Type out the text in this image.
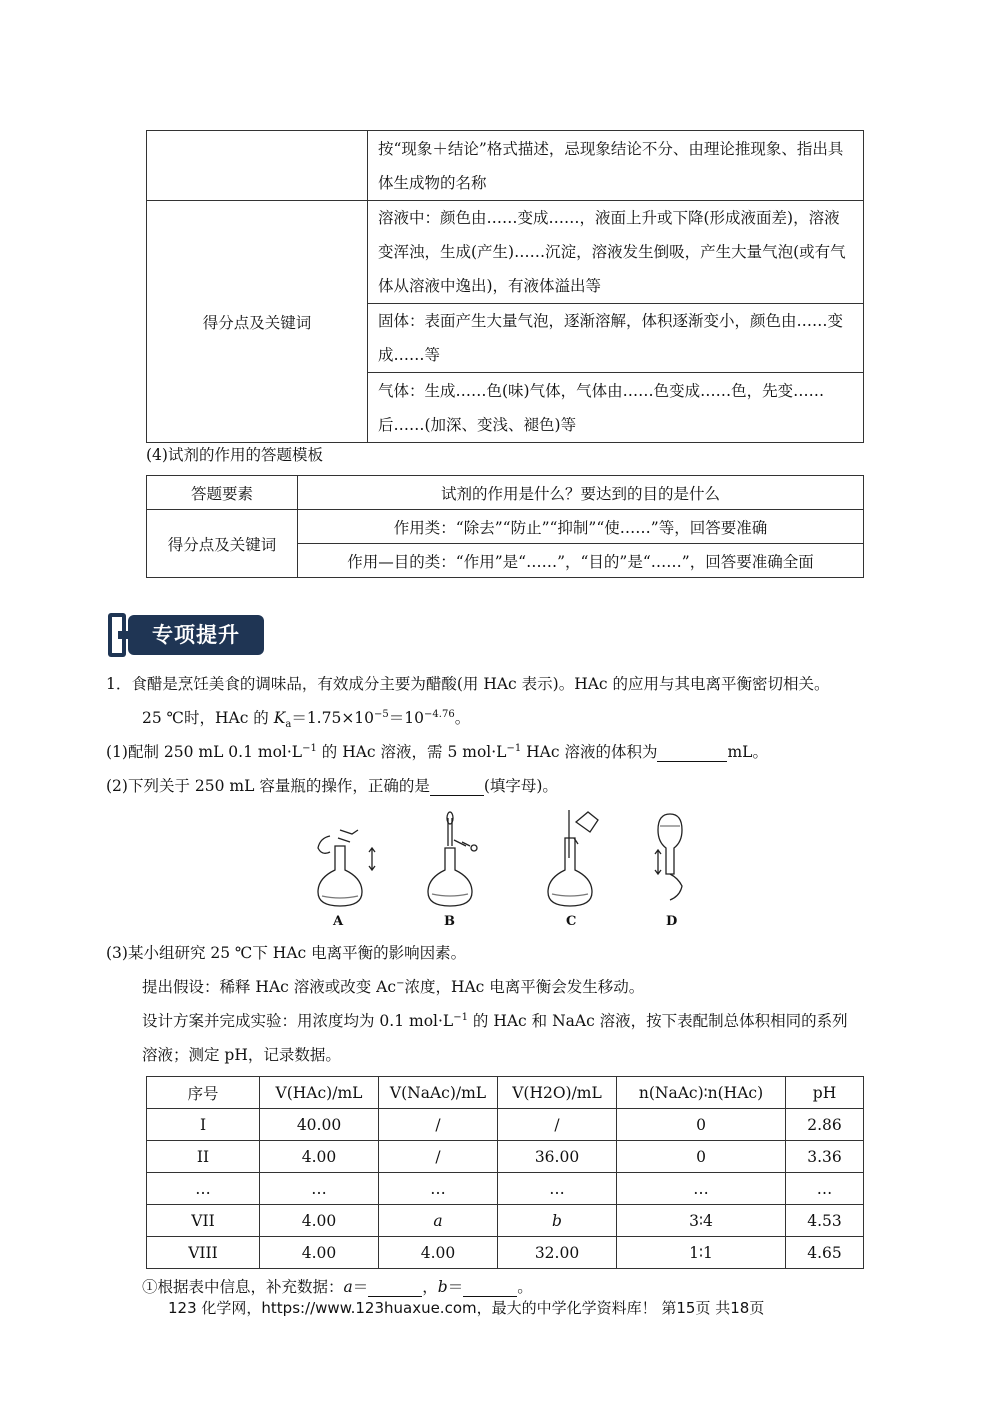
	按“现象＋结论”格式描述，忌现象结论不分、由理论推现象、指出具体生成物的名称
得分点及关键词	溶液中：颜色由……变成……，液面上升或下降(形成液面差)，溶液变浑浊，生成(产生)……沉淀，溶液发生倒吸，产生大量气泡(或有气体从溶液中逸出)，有液体溢出等
	固体：表面产生大量气泡，逐渐溶解，体积逐渐变小，颜色由……变成……等
	气体：生成……色(味)气体，气体由……色变成……色，先变……后……(加深、变浅、褪色)等
(4)试剂的作用的答题模板
答题要素	试剂的作用是什么？要达到的目的是什么
得分点及关键词	作用类：“除去”“防止”“抑制”“使……”等，回答要准确
	作用—目的类：“作用”是“……”，“目的”是“……”，回答要准确全面
专项提升
1．食醋是烹饪美食的调味品，有效成分主要为醋酸(用 HAc 表示)。HAc 的应用与其电离平衡密切相关。
25 ℃时，HAc 的 $K_a=1.75\times 10^{-5}=10^{-4.76}$。
(1)配制 250 mL 0.1 $mol\cdot L^{-1}$ 的 HAc 溶液，需 5 $mol\cdot L^{-1}$ HAc 溶液的体积为	mL。
(2)下列关于 250 mL 容量瓶的操作，正确的是	(填字母)。
A	B	C	D
(3)某小组研究 25 ℃下 HAc 电离平衡的影响因素。
提出假设：稀释 HAc 溶液或改变 Ac−浓度，HAc 电离平衡会发生移动。
设计方案并完成实验：用浓度均为 0.1 $mol\cdot L^{-1}$ 的 HAc 和 NaAc 溶液，按下表配制总体积相同的系列
溶液；测定 pH，记录数据。
序号	V(HAc)/mL	V(NaAc)/mL	V(H2O)/mL	n(NaAc)∶n(HAc)	pH
I	40.00	/	/	0	2.86
II	4.00	/	36.00	0	3.36
…	…	…	…	…	…
VII	4.00	a	b	3∶4	4.53
VIII	4.00	4.00	32.00	1∶1	4.65
①根据表中信息，补充数据：a＝	，b＝	。
123 化学网，https://www.123huaxue.com，最大的中学化学资料库！ 第15页 共18页
